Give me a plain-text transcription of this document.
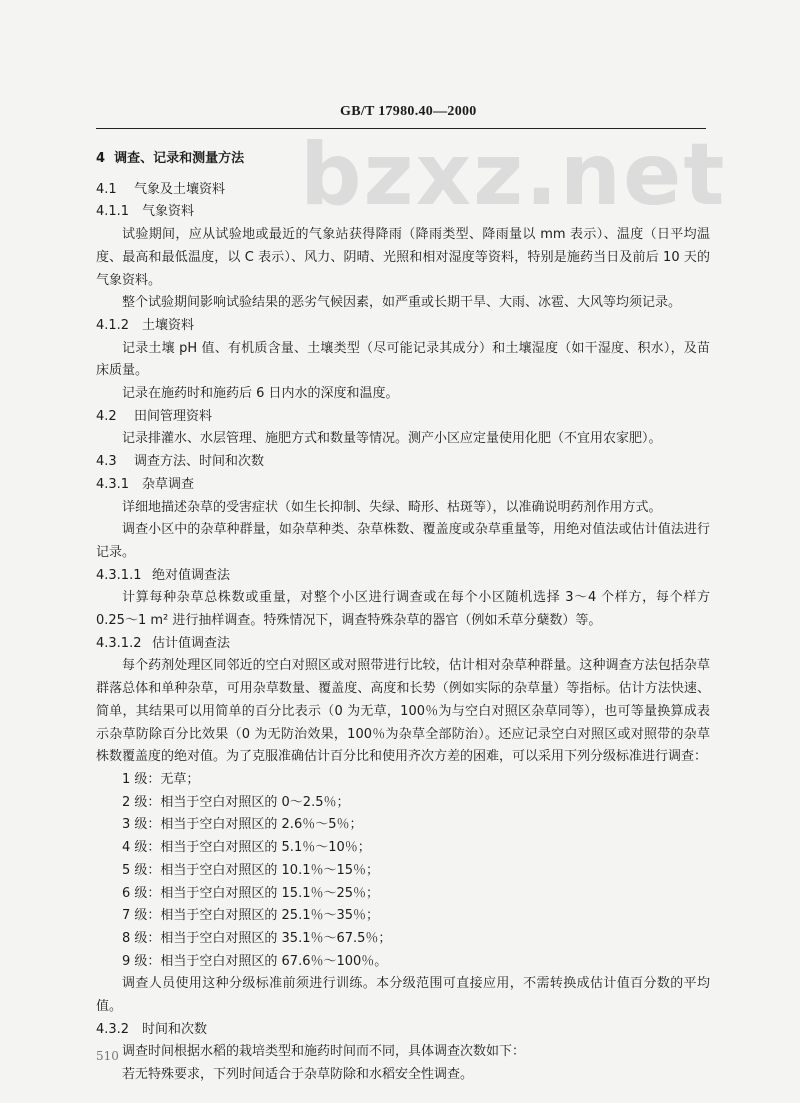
GB/T 17980.40—2000
bzxz.net
4 调查、记录和测量方法
4.1 气象及土壤资料
4.1.1 气象资料

试验期间，应从试验地或最近的气象站获得降雨（降雨类型、降雨量以 mm 表示）、温度（日平均温度、最高和最低温度，以 C 表示）、风力、阴晴、光照和相对湿度等资料，特别是施药当日及前后 10 天的气象资料。

整个试验期间影响试验结果的恶劣气候因素，如严重或长期干旱、大雨、冰雹、大风等均须记录。

4.1.2 土壤资料

记录土壤 pH 值、有机质含量、土壤类型（尽可能记录其成分）和土壤湿度（如干湿度、积水），及苗床质量。

记录在施药时和施药后 6 日内水的深度和温度。

4.2 田间管理资料

记录排灌水、水层管理、施肥方式和数量等情况。测产小区应定量使用化肥（不宜用农家肥）。

4.3 调查方法、时间和次数
4.3.1 杂草调查

详细地描述杂草的受害症状（如生长抑制、失绿、畸形、枯斑等），以准确说明药剂作用方式。

调查小区中的杂草种群量，如杂草种类、杂草株数、覆盖度或杂草重量等，用绝对值法或估计值法进行记录。

4.3.1.1 绝对值调查法

计算每种杂草总株数或重量，对整个小区进行调查或在每个小区随机选择 3～4 个样方，每个样方 0.25～1 m² 进行抽样调查。特殊情况下，调查特殊杂草的器官（例如禾草分蘖数）等。

4.3.1.2 估计值调查法

每个药剂处理区同邻近的空白对照区或对照带进行比较，估计相对杂草种群量。这种调查方法包括杂草群落总体和单种杂草，可用杂草数量、覆盖度、高度和长势（例如实际的杂草量）等指标。估计方法快速、简单，其结果可以用简单的百分比表示（0 为无草，100％为与空白对照区杂草同等），也可等量换算成表示杂草防除百分比效果（0 为无防治效果，100％为杂草全部防治）。还应记录空白对照区或对照带的杂草株数覆盖度的绝对值。为了克服准确估计百分比和使用齐次方差的困难，可以采用下列分级标准进行调查：

1 级：无草；

2 级：相当于空白对照区的 0～2.5％；

3 级：相当于空白对照区的 2.6％～5％；

4 级：相当于空白对照区的 5.1％～10％；

5 级：相当于空白对照区的 10.1％～15％；

6 级：相当于空白对照区的 15.1％～25％；

7 级：相当于空白对照区的 25.1％～35％；

8 级：相当于空白对照区的 35.1％～67.5％；

9 级：相当于空白对照区的 67.6％～100％。

调查人员使用这种分级标准前须进行训练。本分级范围可直接应用，不需转换成估计值百分数的平均值。

4.3.2 时间和次数

调查时间根据水稻的栽培类型和施药时间而不同，具体调查次数如下：

若无特殊要求，下列时间适合于杂草防除和水稻安全性调查。

510
